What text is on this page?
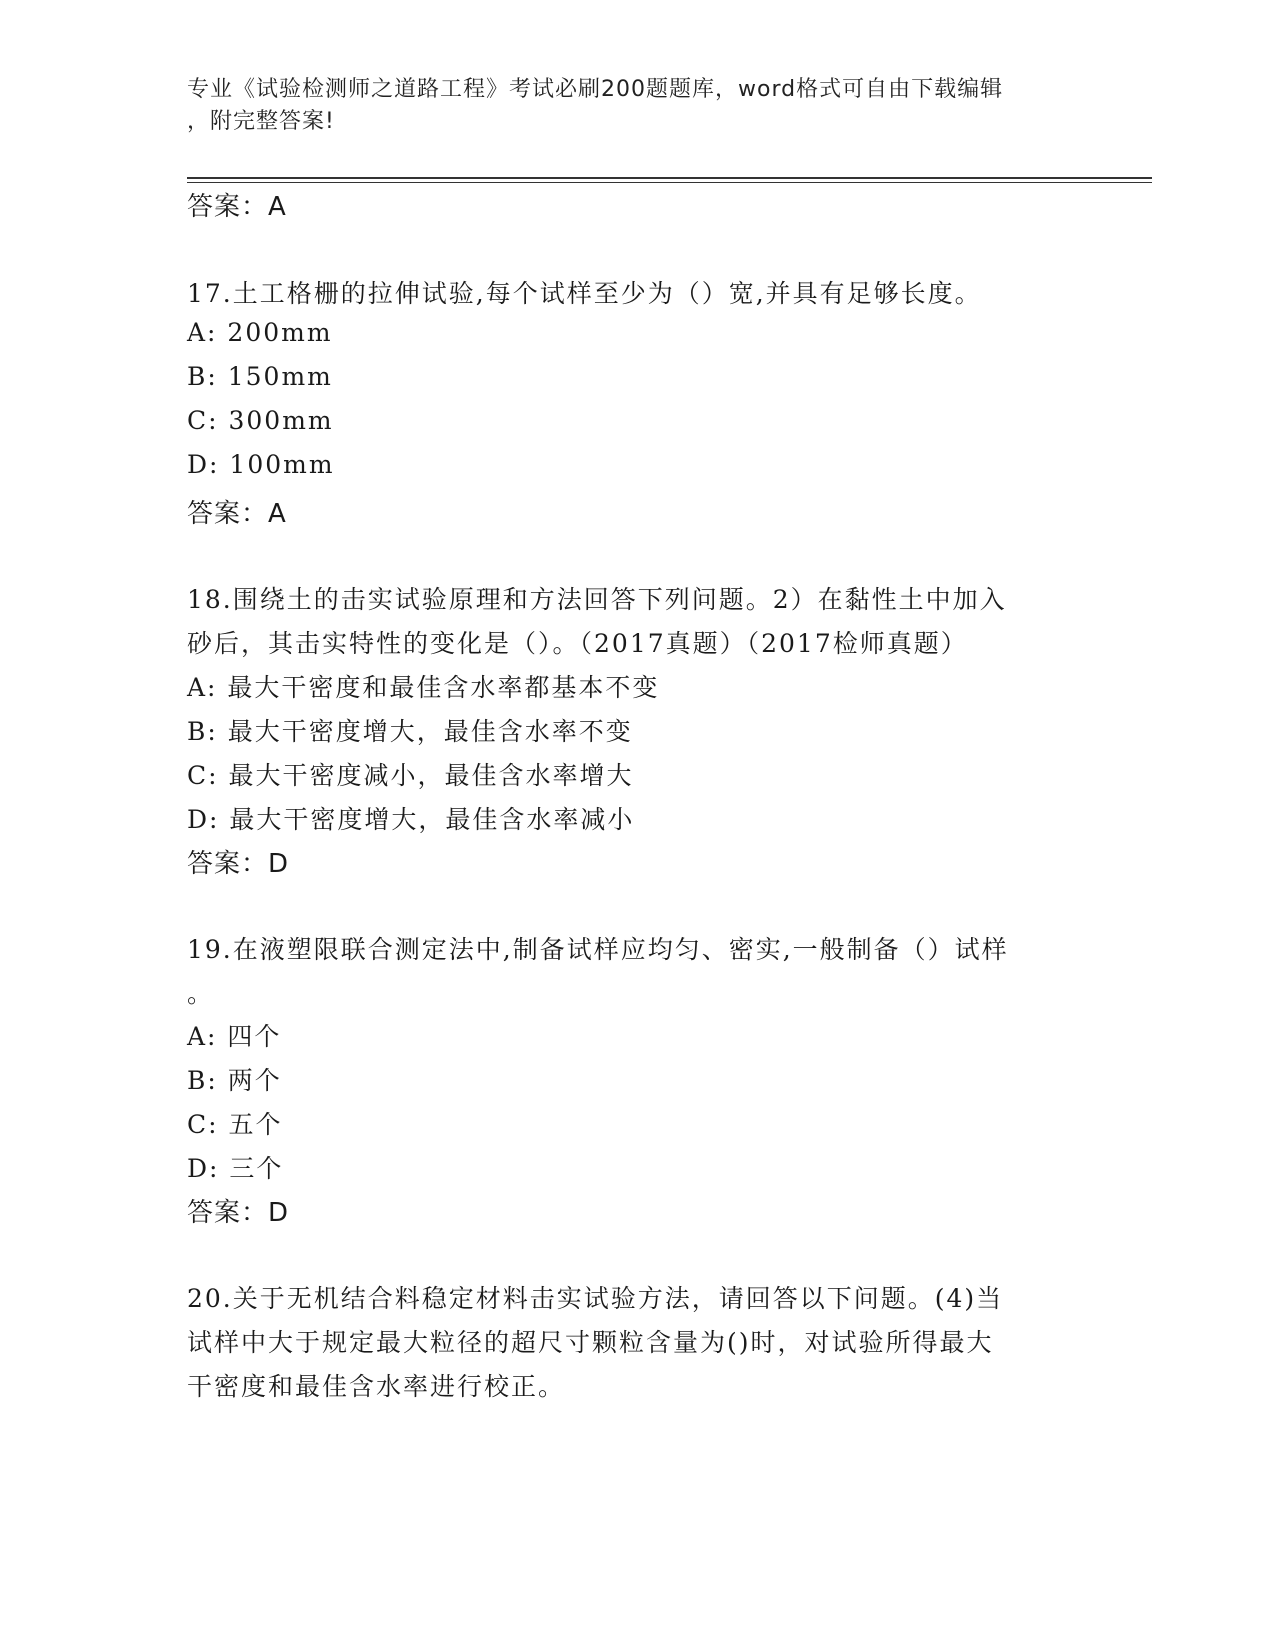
专业《试验检测师之道路工程》考试必刷200题题库，word格式可自由下载编辑
，附完整答案!
答案：A
17.土工格栅的拉伸试验,每个试样至少为（）宽,并具有足够长度。
A: 200mm
B: 150mm
C: 300mm
D: 100mm
答案：A
18.围绕土的击实试验原理和方法回答下列问题。2）在黏性土中加入
砂后，其击实特性的变化是（）。（2017真题）（2017检师真题）
A: 最大干密度和最佳含水率都基本不变
B: 最大干密度增大，最佳含水率不变
C: 最大干密度减小，最佳含水率增大
D: 最大干密度增大，最佳含水率减小
答案：D
19.在液塑限联合测定法中,制备试样应均匀、密实,一般制备（）试样
。
A: 四个
B: 两个
C: 五个
D: 三个
答案：D
20.关于无机结合料稳定材料击实试验方法，请回答以下问题。(4)当
试样中大于规定最大粒径的超尺寸颗粒含量为()时，对试验所得最大
干密度和最佳含水率进行校正。
